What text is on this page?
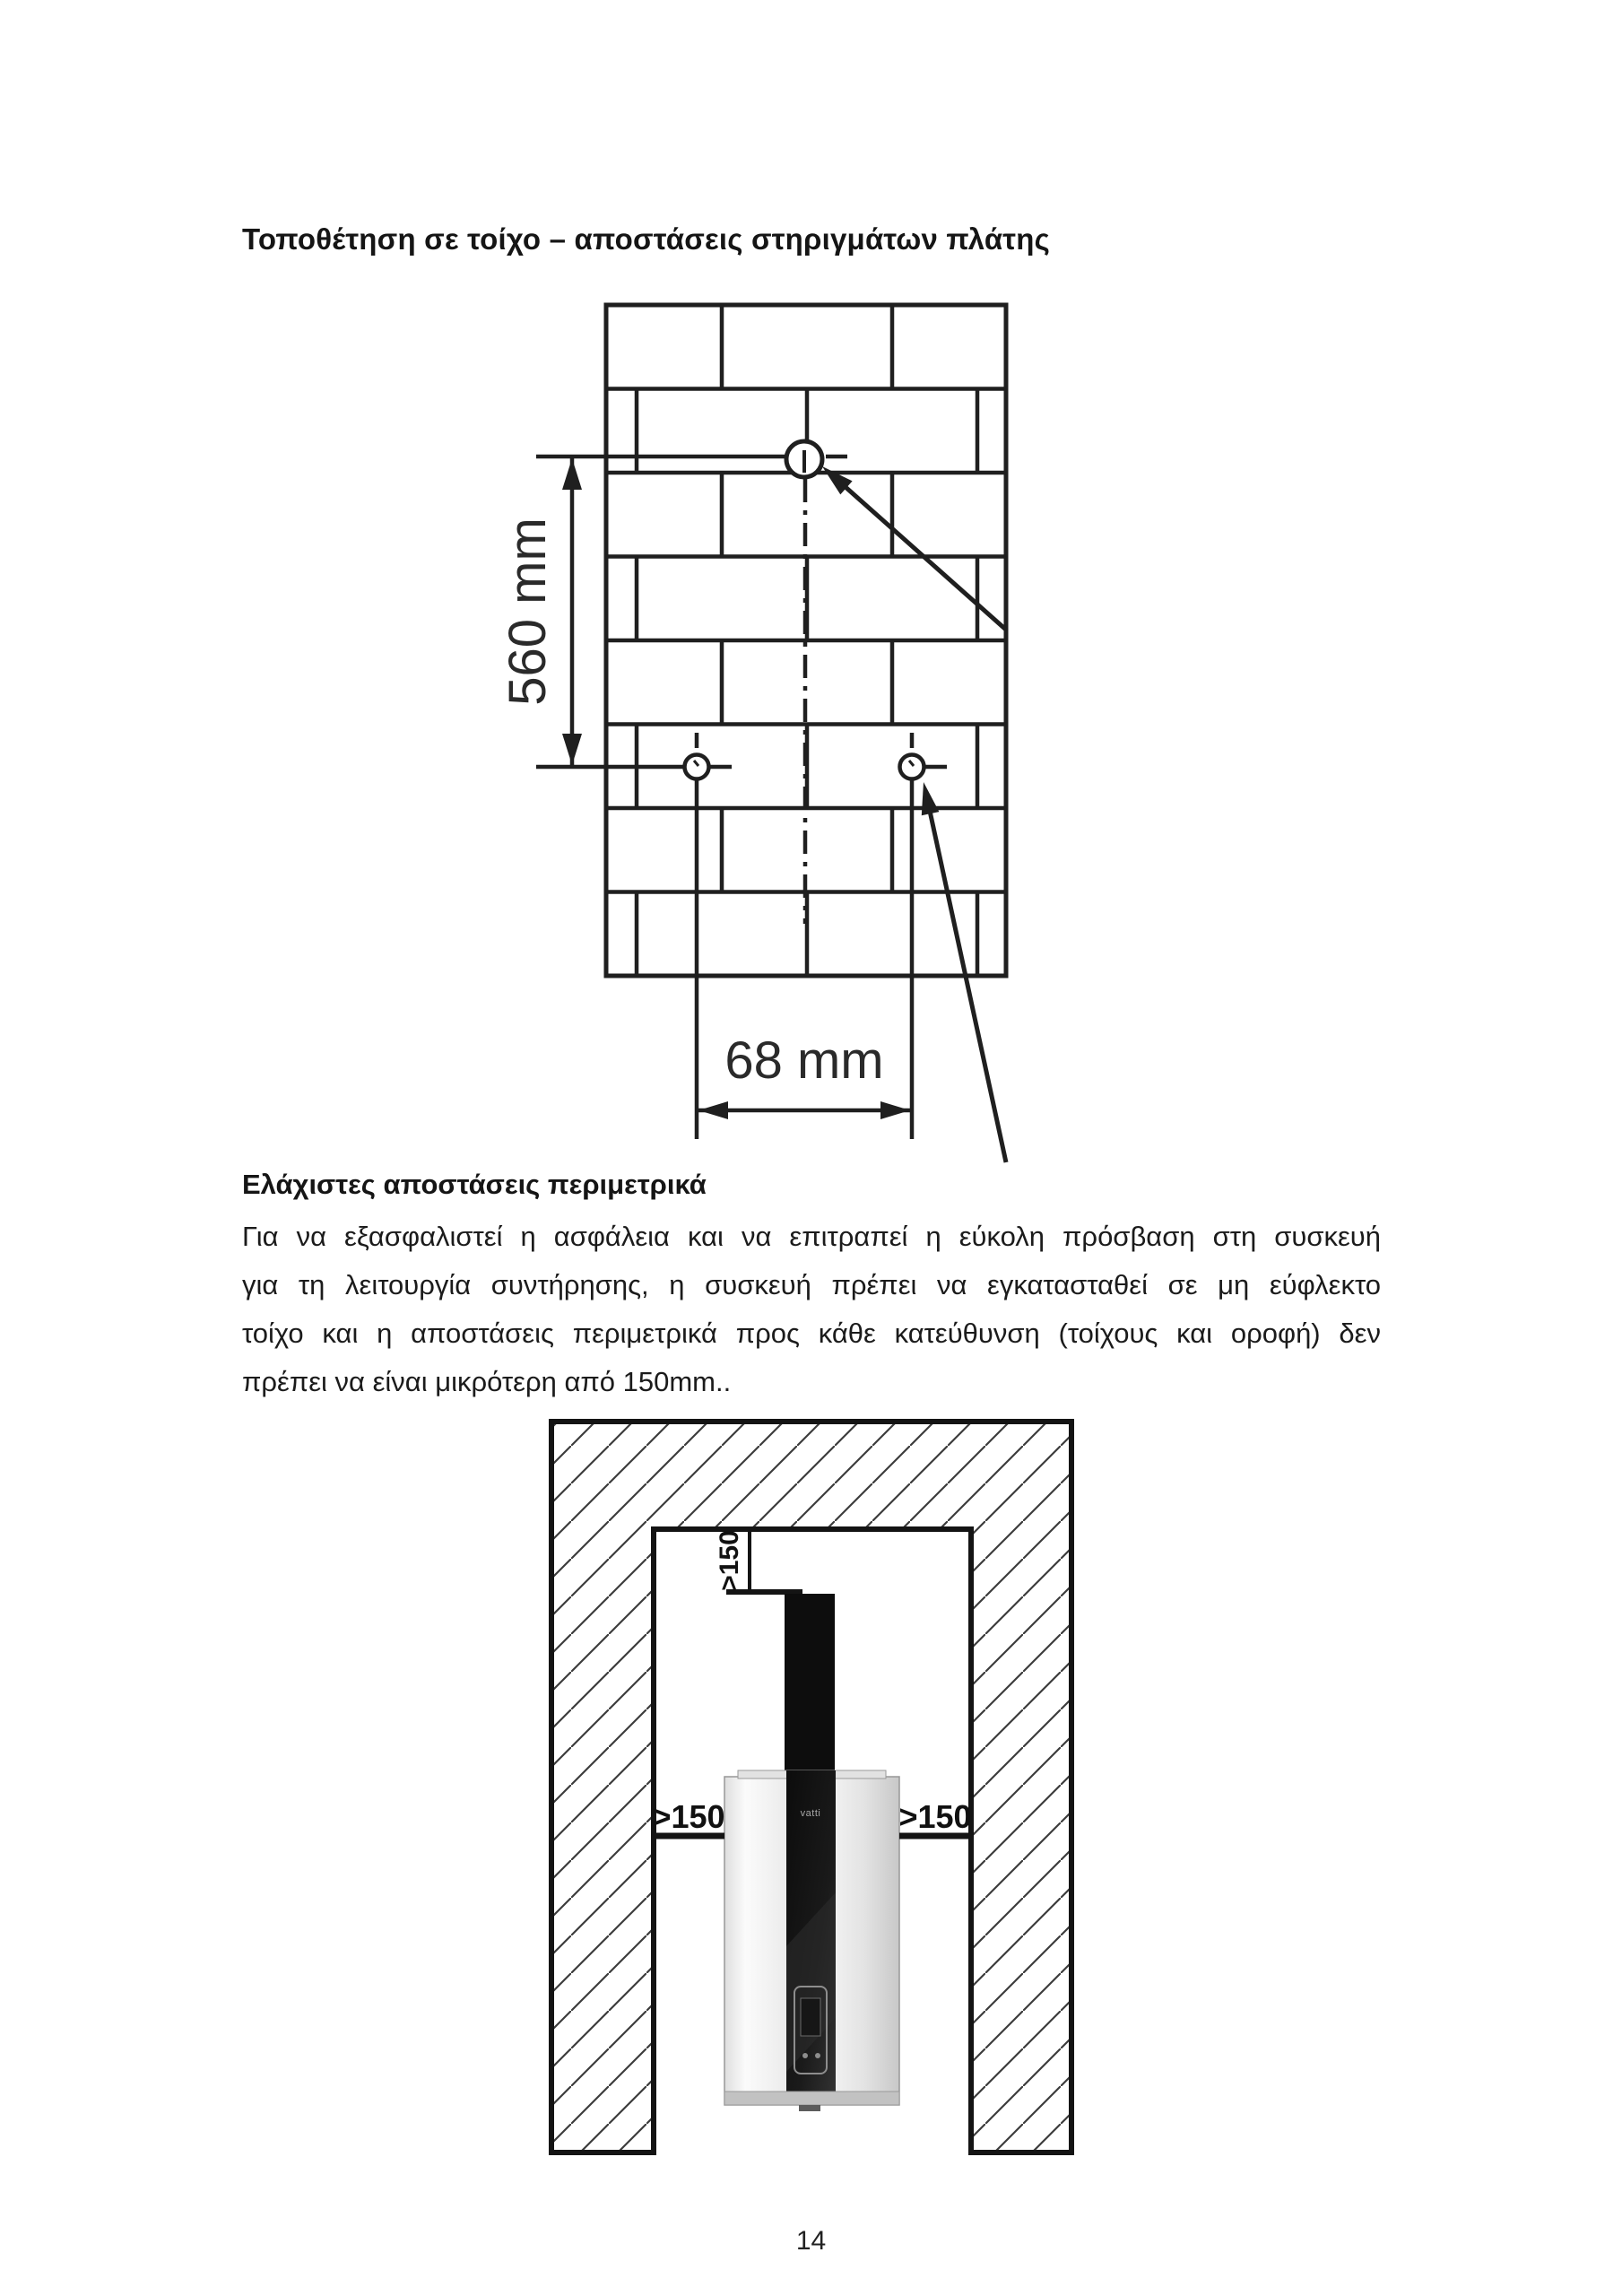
Τοποθέτηση σε τοίχο – αποστάσεις στηριγμάτων πλάτης
560 mm
68 mm
Ελάχιστες αποστάσεις περιμετρικά
Για να εξασφαλιστεί η ασφάλεια και να επιτραπεί η εύκολη πρόσβαση στη συσκευή
για τη λειτουργία συντήρησης, η συσκευή πρέπει να εγκατασταθεί σε μη εύφλεκτο
τοίχο και η αποστάσεις περιμετρικά προς κάθε κατεύθυνση (τοίχους και οροφή) δεν
πρέπει να είναι μικρότερη από 150mm..
>150
vatti
>150	>150
14
